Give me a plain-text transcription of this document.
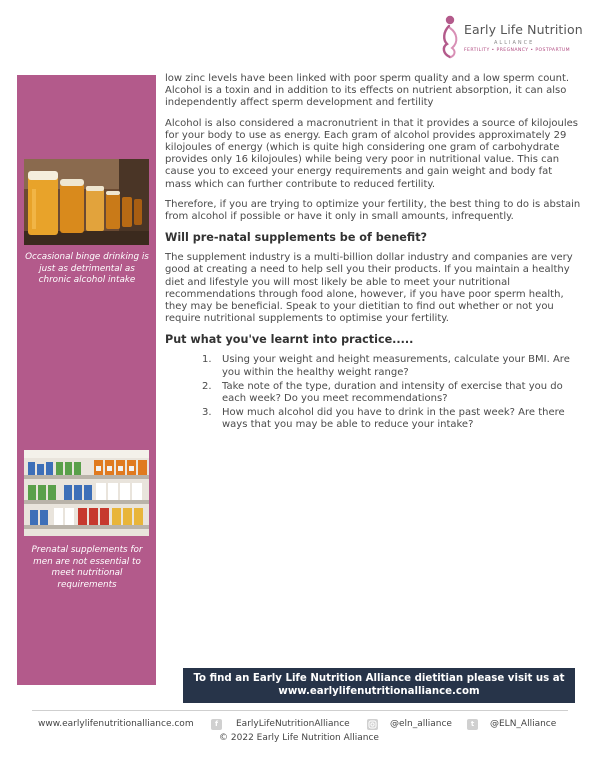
Early Life Nutrition
ALLIANCE
FERTILITY • PREGNANCY • POSTPARTUM
Occasional binge drinking is just as detrimental as chronic alcohol intake
Prenatal supplements for men are not essential to meet nutritional requirements

low zinc levels have been linked with poor sperm quality and a low sperm count. Alcohol is a toxin and in addition to its effects on nutrient absorption, it can also independently affect sperm development and fertility

Alcohol is also considered a macronutrient in that it provides a source of kilojoules for your body to use as energy. Each gram of alcohol provides approximately 29 kilojoules of energy (which is quite high considering one gram of carbohydrate provides only 16 kilojoules) while being very poor in nutritional value. This can cause you to exceed your energy requirements and gain weight and body fat mass which can further contribute to reduced fertility.

Therefore, if you are trying to optimize your fertility, the best thing to do is abstain from alcohol if possible or have it only in small amounts, infrequently.

Will pre-natal supplements be of benefit?

The supplement industry is a multi-billion dollar industry and companies are very good at creating a need to help sell you their products. If you maintain a healthy diet and lifestyle you will most likely be able to meet your nutritional recommendations through food alone, however, if you have poor sperm health, they may be beneficial. Speak to your dietitian to find out whether or not you require nutritional supplements to optimise your fertility.

Put what you've learnt into practice.....
1. Using your weight and height measurements, calculate your BMI. Are you within the healthy weight range?
2. Take note of the type, duration and intensity of exercise that you do each week? Do you meet recommendations?
3. How much alcohol did you have to drink in the past week? Are there ways that you may be able to reduce your intake?
To find an Early Life Nutrition Alliance dietitian please visit us at
www.earlylifenutritionalliance.com
www.earlylifenutritionalliance.com	f	EarlyLifeNutritionAlliance	@eln_alliance	t	@ELN_Alliance
© 2022 Early Life Nutrition Alliance
